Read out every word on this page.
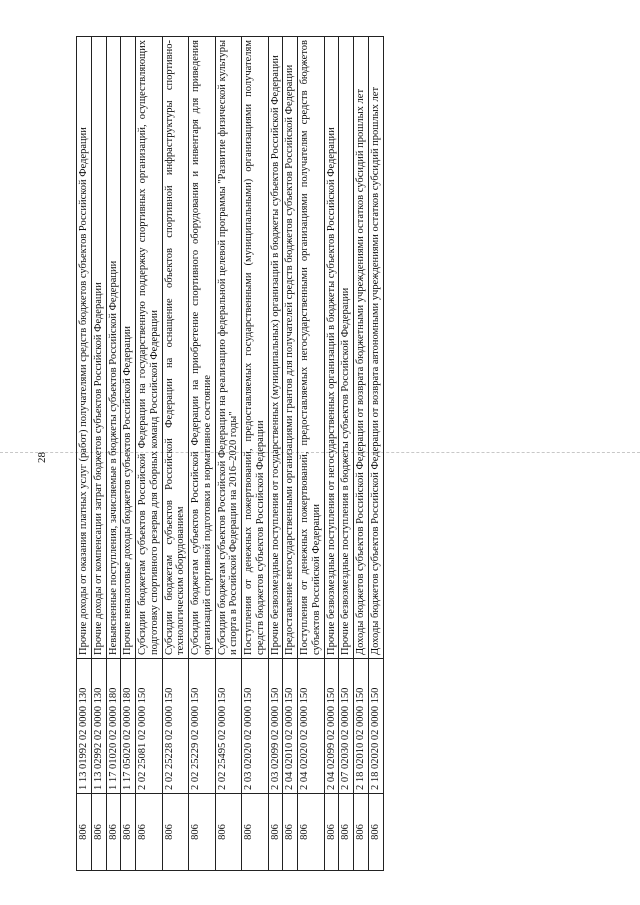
28
806	1 13 01992 02 0000 130	Прочие доходы от оказания платных услуг (работ) получателями средств бюджетов субъектов Российской Федерации
806	1 13 02992 02 0000 130	Прочие доходы от компенсации затрат бюджетов субъектов Российской Федерации
806	1 17 01020 02 0000 180	Невыясненные поступления, зачисляемые в бюджеты субъектов Российской Федерации
806	1 17 05020 02 0000 180	Прочие неналоговые доходы бюджетов субъектов Российской Федерации
806	2 02 25081 02 0000 150	Субсидии бюджетам субъектов Российской Федерации на государственную поддержку спортивных организаций, осуществляющих подготовку спортивного резерва для сборных команд Российской Федерации
806	2 02 25228 02 0000 150	Субсидии бюджетам субъектов Российской Федерации на оснащение объектов спортивной инфраструктуры спортивно-технологическим оборудованием
806	2 02 25229 02 0000 150	Субсидии бюджетам субъектов Российской Федерации на приобретение спортивного оборудования и инвентаря для приведения организаций спортивной подготовки в нормативное состояние
806	2 02 25495 02 0000 150	Субсидии бюджетам субъектов Российской Федерации на реализацию федеральной целевой программы "Развитие физической культуры и спорта в Российской Федерации на 2016–2020 годы"
806	2 03 02020 02 0000 150	Поступления от денежных пожертвований, предоставляемых государственными (муниципальными) организациями получателям средств бюджетов субъектов Российской Федерации
806	2 03 02099 02 0000 150	Прочие безвозмездные поступления от государственных (муниципальных) организаций в бюджеты субъектов Российской Федерации
806	2 04 02010 02 0000 150	Предоставление негосударственными организациями грантов для получателей средств бюджетов субъектов Российской Федерации
806	2 04 02020 02 0000 150	Поступления от денежных пожертвований, предоставляемых негосударственными организациями получателям средств бюджетов субъектов Российской Федерации
806	2 04 02099 02 0000 150	Прочие безвозмездные поступления от негосударственных организаций в бюджеты субъектов Российской Федерации
806	2 07 02030 02 0000 150	Прочие безвозмездные поступления в бюджеты субъектов Российской Федерации
806	2 18 02010 02 0000 150	Доходы бюджетов субъектов Российской Федерации от возврата бюджетными учреждениями остатков субсидий прошлых лет
806	2 18 02020 02 0000 150	Доходы бюджетов субъектов Российской Федерации от возврата автономными учреждениями остатков субсидий прошлых лет
